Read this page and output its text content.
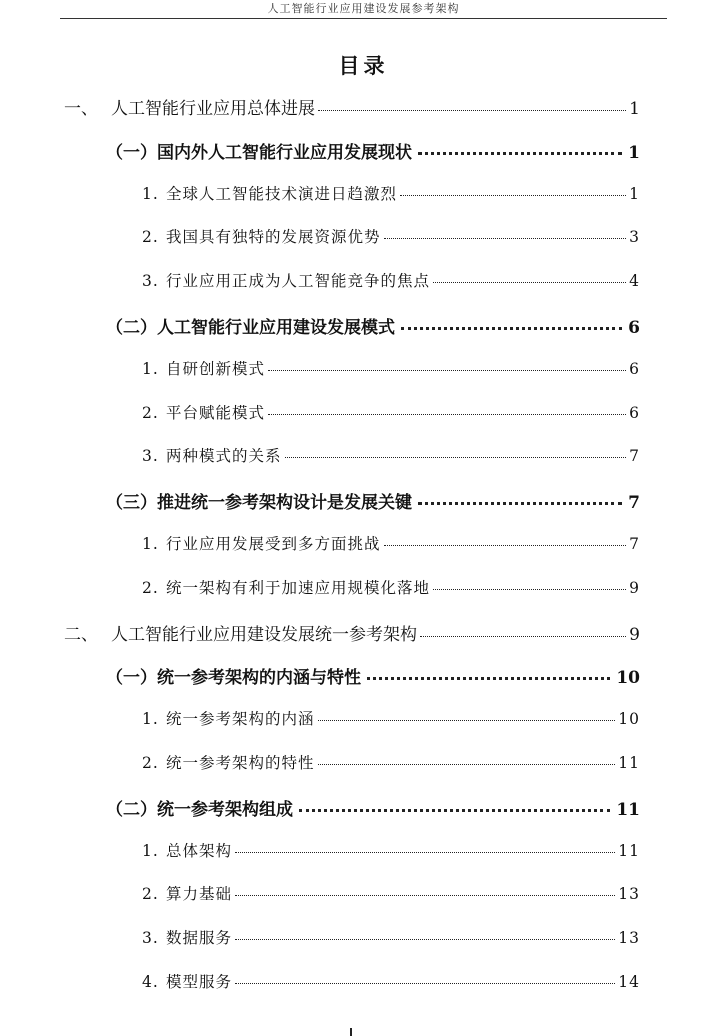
人工智能行业应用建设发展参考架构
目录
一、 人工智能行业应用总体进展	1
（一）国内外人工智能行业应用发展现状	1
1. 全球人工智能技术演进日趋激烈	1
2. 我国具有独特的发展资源优势	3
3. 行业应用正成为人工智能竞争的焦点	4
（二）人工智能行业应用建设发展模式	6
1. 自研创新模式	6
2. 平台赋能模式	6
3. 两种模式的关系	7
（三）推进统一参考架构设计是发展关键	7
1. 行业应用发展受到多方面挑战	7
2. 统一架构有利于加速应用规模化落地	9
二、 人工智能行业应用建设发展统一参考架构	9
（一）统一参考架构的内涵与特性	10
1. 统一参考架构的内涵	10
2. 统一参考架构的特性	11
（二）统一参考架构组成	11
1. 总体架构	11
2. 算力基础	13
3. 数据服务	13
4. 模型服务	14
